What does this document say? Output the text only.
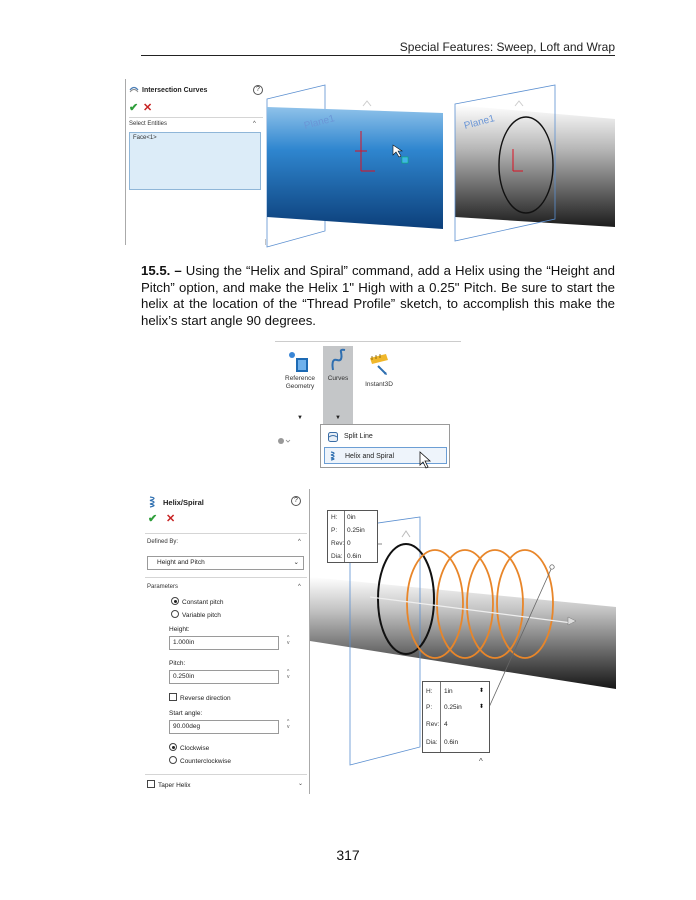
Special Features: Sweep, Loft and Wrap
Intersection Curves	?
✔ ✕
Select Entities	^
Face<1>
Plane1	Plane1
15.5. – Using the “Helix and Spiral” command, add a Helix using the “Height and Pitch” option, and make the Helix 1" High with a 0.25" Pitch. Be sure to start the helix at the location of the “Thread Profile” sketch, to accomplish this make the helix’s start angle 90 degrees.
Reference
Geometry
▼
Curves
▼
Instant3D
Split Line
Helix and Spiral
Helix/Spiral	?
✔ ✕
Defined By:	^
Height and Pitch	⌄
Parameters	^
Constant pitch
Variable pitch
Height:
1.000in
^
v
Pitch:
0.250in
^
v
Reverse direction
Start angle:
90.00deg
^
v
Clockwise
Counterclockwise
Taper Helix	⌄
H: 0in
P: 0.25in
Rev: 0
Dia: 0.6in
H: 1in	⬍
P: 0.25in	⬍
Rev: 4
Dia: 0.6in
^
317
